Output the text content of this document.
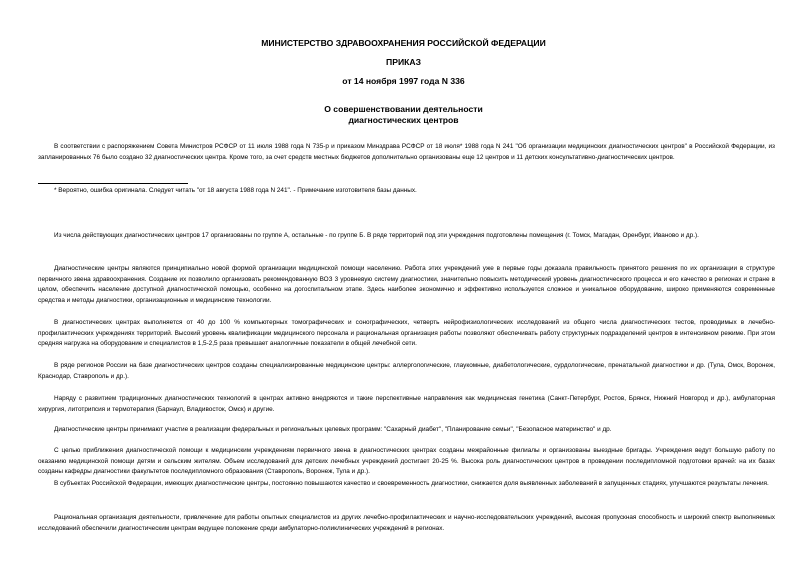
МИНИСТЕРСТВО ЗДРАВООХРАНЕНИЯ РОССИЙСКОЙ ФЕДЕРАЦИИ
ПРИКАЗ
от 14 ноября 1997 года N 336
О совершенствовании деятельности
диагностических центров

В соответствии с распоряжением Совета Министров РСФСР от 11 июля 1988 года N 735-р и приказом Минздрава РСФСР от 18 июля* 1988 года N 241 "Об организации медицинских диагностических центров" в Российской Федерации, из запланированных 76 было создано 32 диагностических центра. Кроме того, за счет средств местных бюджетов дополнительно организованы еще 12 центров и 11 детских консультативно-диагностических центров.

* Вероятно, ошибка оригинала. Следует читать "от 18 августа 1988 года N 241". - Примечание изготовителя базы данных.

Из числа действующих диагностических центров 17 организованы по группе А, остальные - по группе Б. В ряде территорий под эти учреждения подготовлены помещения (г. Томск, Магадан, Оренбург, Иваново и др.).

Диагностические центры являются принципиально новой формой организации медицинской помощи населению. Работа этих учреждений уже в первые годы доказала правильность принятого решения по их организации в структуре первичного звена здравоохранения. Создание их позволило организовать рекомендованную ВОЗ 3 уровневую систему диагностики, значительно повысить методический уровень диагностического процесса и его качество в регионах и стране в целом, обеспечить население доступной диагностической помощью, особенно на догоспитальном этапе. Здесь наиболее экономично и эффективно используется сложное и уникальное оборудование, широко применяются современные средства и методы диагностики, организационные и медицинские технологии.

В диагностических центрах выполняется от 40 до 100 % компьютерных томографических и сонографических, четверть нейрофизиологических исследований из общего числа диагностических тестов, проводимых в лечебно-профилактических учреждениях территорий. Высокий уровень квалификации медицинского персонала и рациональная организация работы позволяют обеспечивать работу структурных подразделений центров в интенсивном режиме. При этом средняя нагрузка на оборудование и специалистов в 1,5-2,5 раза превышает аналогичные показатели в общей лечебной сети.

В ряде регионов России на базе диагностических центров созданы специализированные медицинские центры: аллергологические, глаукомные, диабетологические, сурдологические, пренатальной диагностики и др. (Тула, Омск, Воронеж, Краснодар, Ставрополь и др.).

Наряду с развитием традиционных диагностических технологий в центрах активно внедряются и такие перспективные направления как медицинская генетика (Санкт-Петербург, Ростов, Брянск, Нижний Новгород и др.), амбулаторная хирургия, литотрипсия и термотерапия (Барнаул, Владивосток, Омск) и другие.

Диагностические центры принимают участие в реализации федеральных и региональных целевых программ: "Сахарный диабет", "Планирование семьи", "Безопасное материнство" и др.

С целью приближения диагностической помощи к медицинским учреждениям первичного звена в диагностических центрах созданы межрайонные филиалы и организованы выездные бригады. Учреждения ведут большую работу по оказанию медицинской помощи детям и сельским жителям. Объем исследований для детских лечебных учреждений достигает 20-25 %. Высока роль диагностических центров в проведении последипломной подготовки врачей: на их базах созданы кафедры диагностики факультетов последипломного образования (Ставрополь, Воронеж, Тула и др.).

В субъектах Российской Федерации, имеющих диагностические центры, постоянно повышаются качество и своевременность диагностики, снижается доля выявленных заболеваний в запущенных стадиях, улучшаются результаты лечения.

Рациональная организация деятельности, привлечение для работы опытных специалистов из других лечебно-профилактических и научно-исследовательских учреждений, высокая пропускная способность и широкий спектр выполняемых исследований обеспечили диагностическим центрам ведущее положение среди амбулаторно-поликлинических учреждений в регионах.
